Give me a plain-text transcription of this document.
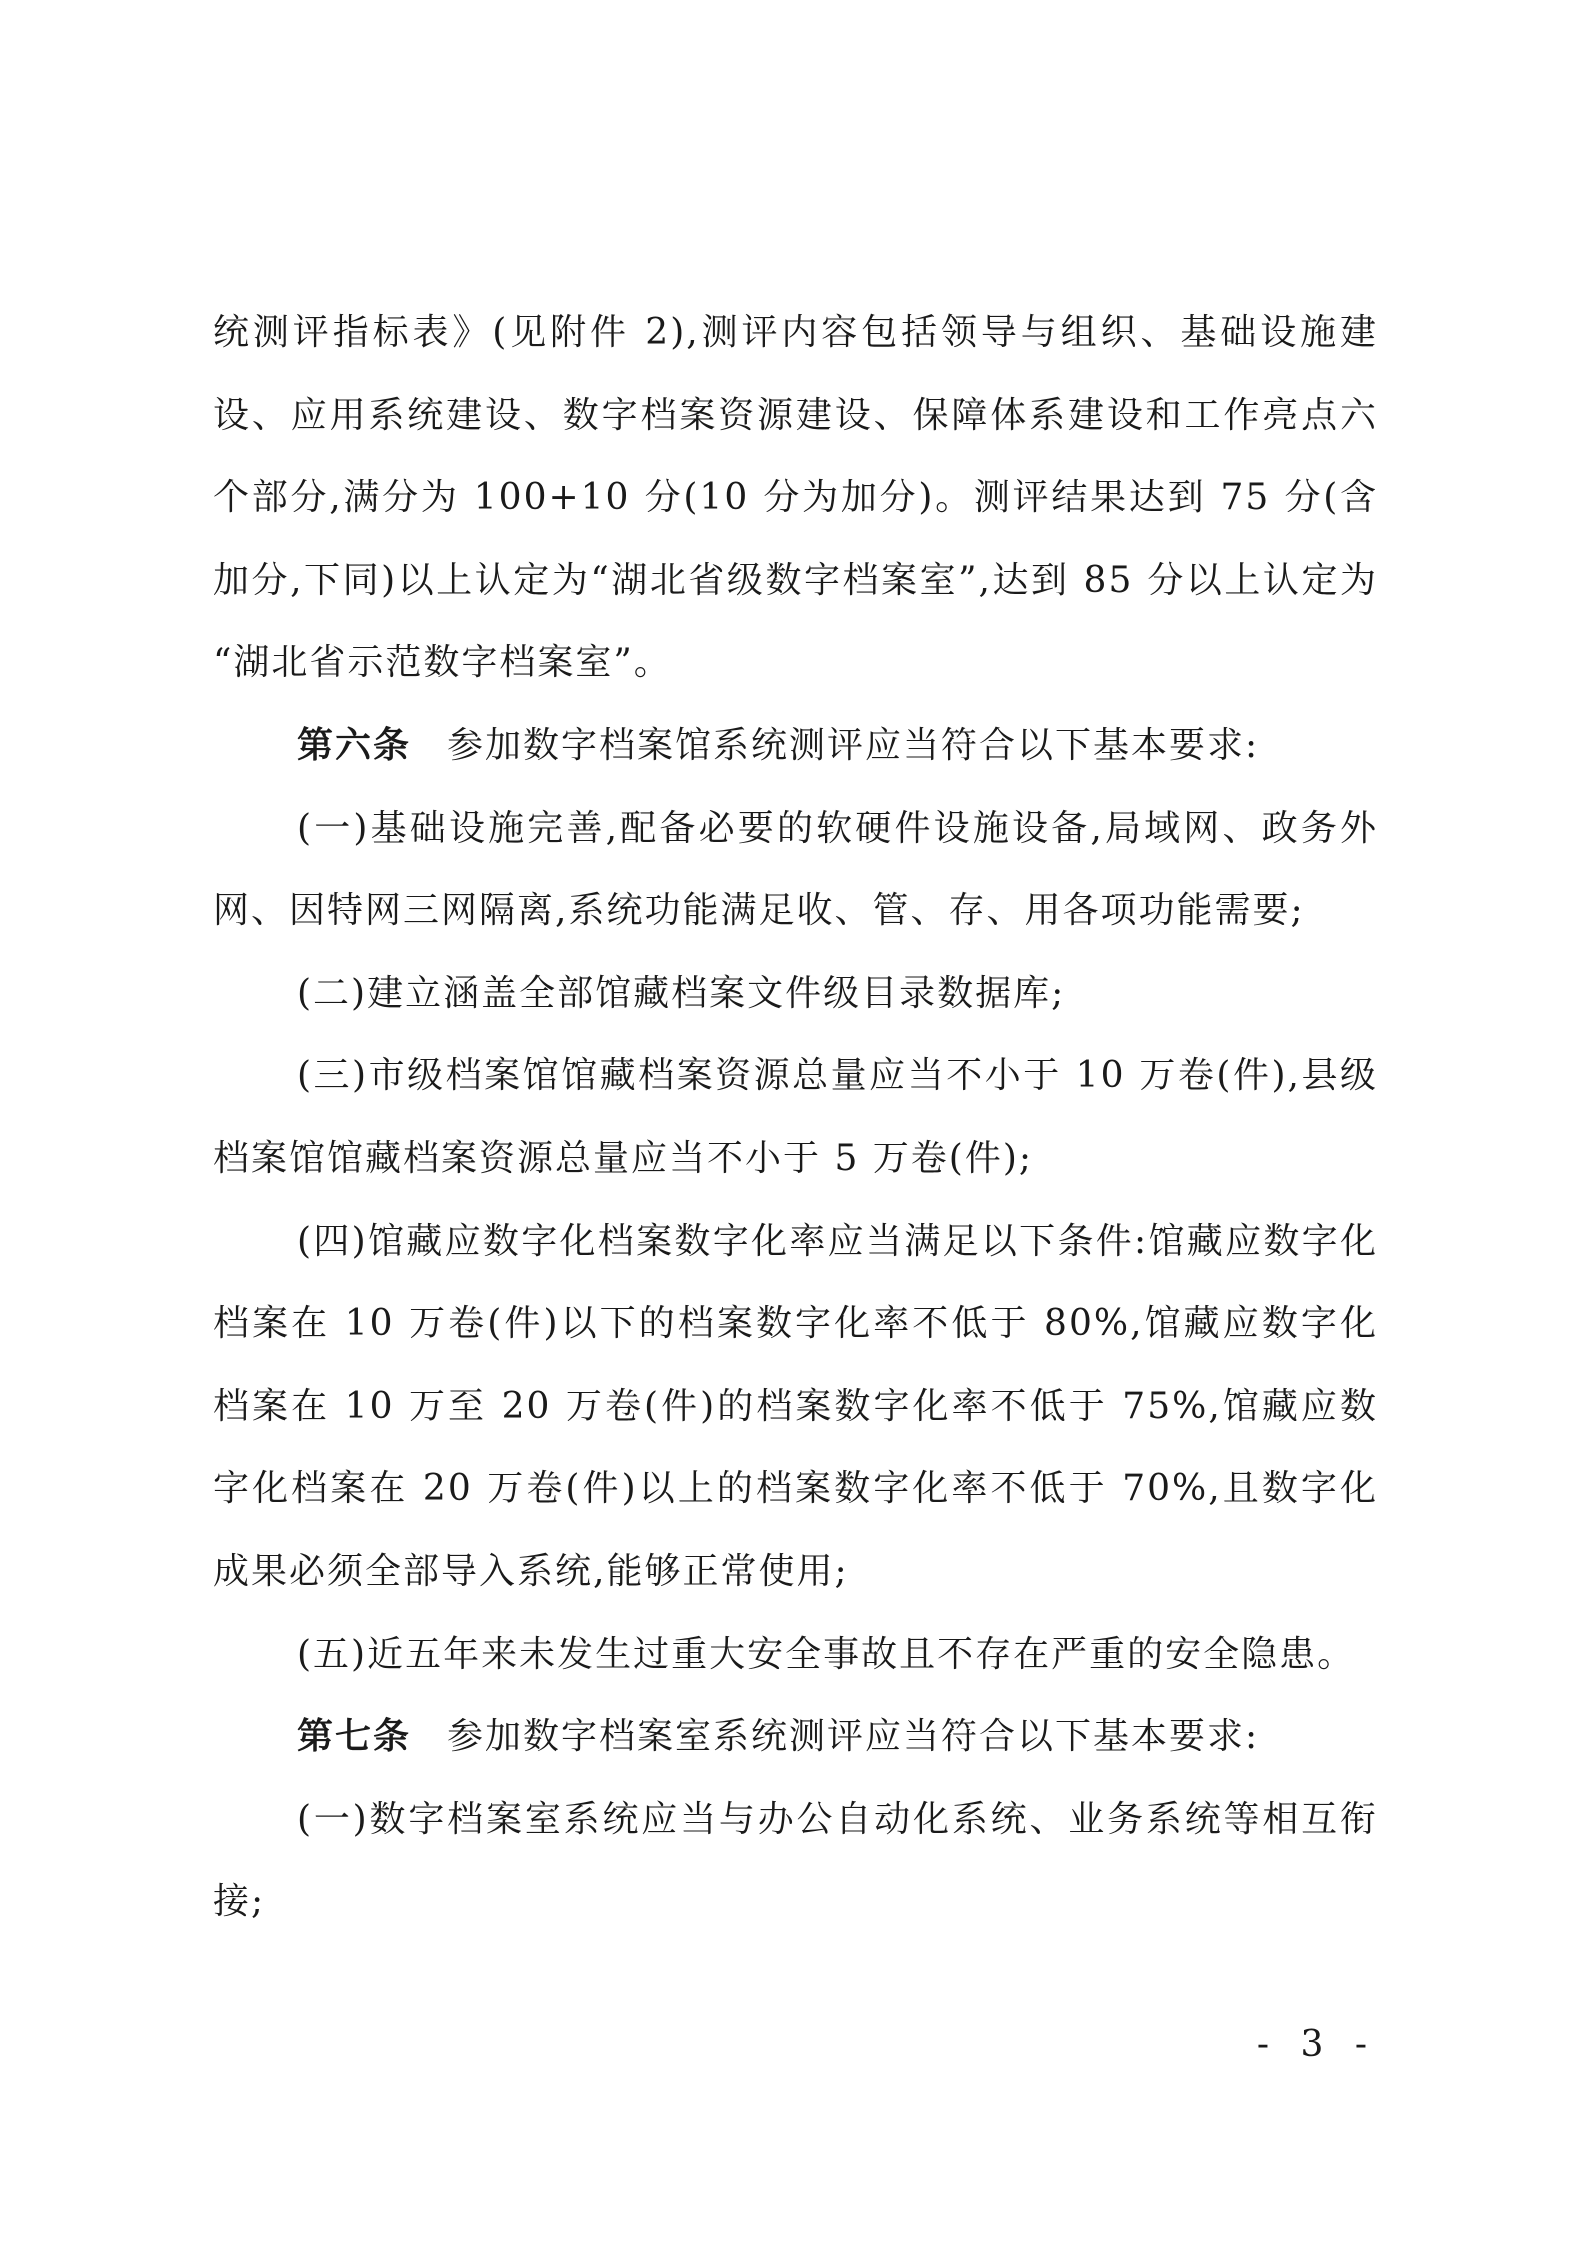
统测评指标表》(见附件 2),测评内容包括领导与组织、基础设施建设、应用系统建设、数字档案资源建设、保障体系建设和工作亮点六个部分,满分为 100+10 分(10 分为加分)。测评结果达到 75 分(含加分,下同)以上认定为“湖北省级数字档案室”,达到 85 分以上认定为 “湖北省示范数字档案室”。

第六条 参加数字档案馆系统测评应当符合以下基本要求:

(一)基础设施完善,配备必要的软硬件设施设备,局域网、政务外网、因特网三网隔离,系统功能满足收、管、存、用各项功能需要;

(二)建立涵盖全部馆藏档案文件级目录数据库;

(三)市级档案馆馆藏档案资源总量应当不小于 10 万卷(件),县级档案馆馆藏档案资源总量应当不小于 5 万卷(件);

(四)馆藏应数字化档案数字化率应当满足以下条件:馆藏应数字化档案在 10 万卷(件)以下的档案数字化率不低于 80%,馆藏应数字化档案在 10 万至 20 万卷(件)的档案数字化率不低于 75%,馆藏应数字化档案在 20 万卷(件)以上的档案数字化率不低于 70%,且数字化成果必须全部导入系统,能够正常使用;

(五)近五年来未发生过重大安全事故且不存在严重的安全隐患。

第七条 参加数字档案室系统测评应当符合以下基本要求:

(一)数字档案室系统应当与办公自动化系统、业务系统等相互衔接;

- 3 -
